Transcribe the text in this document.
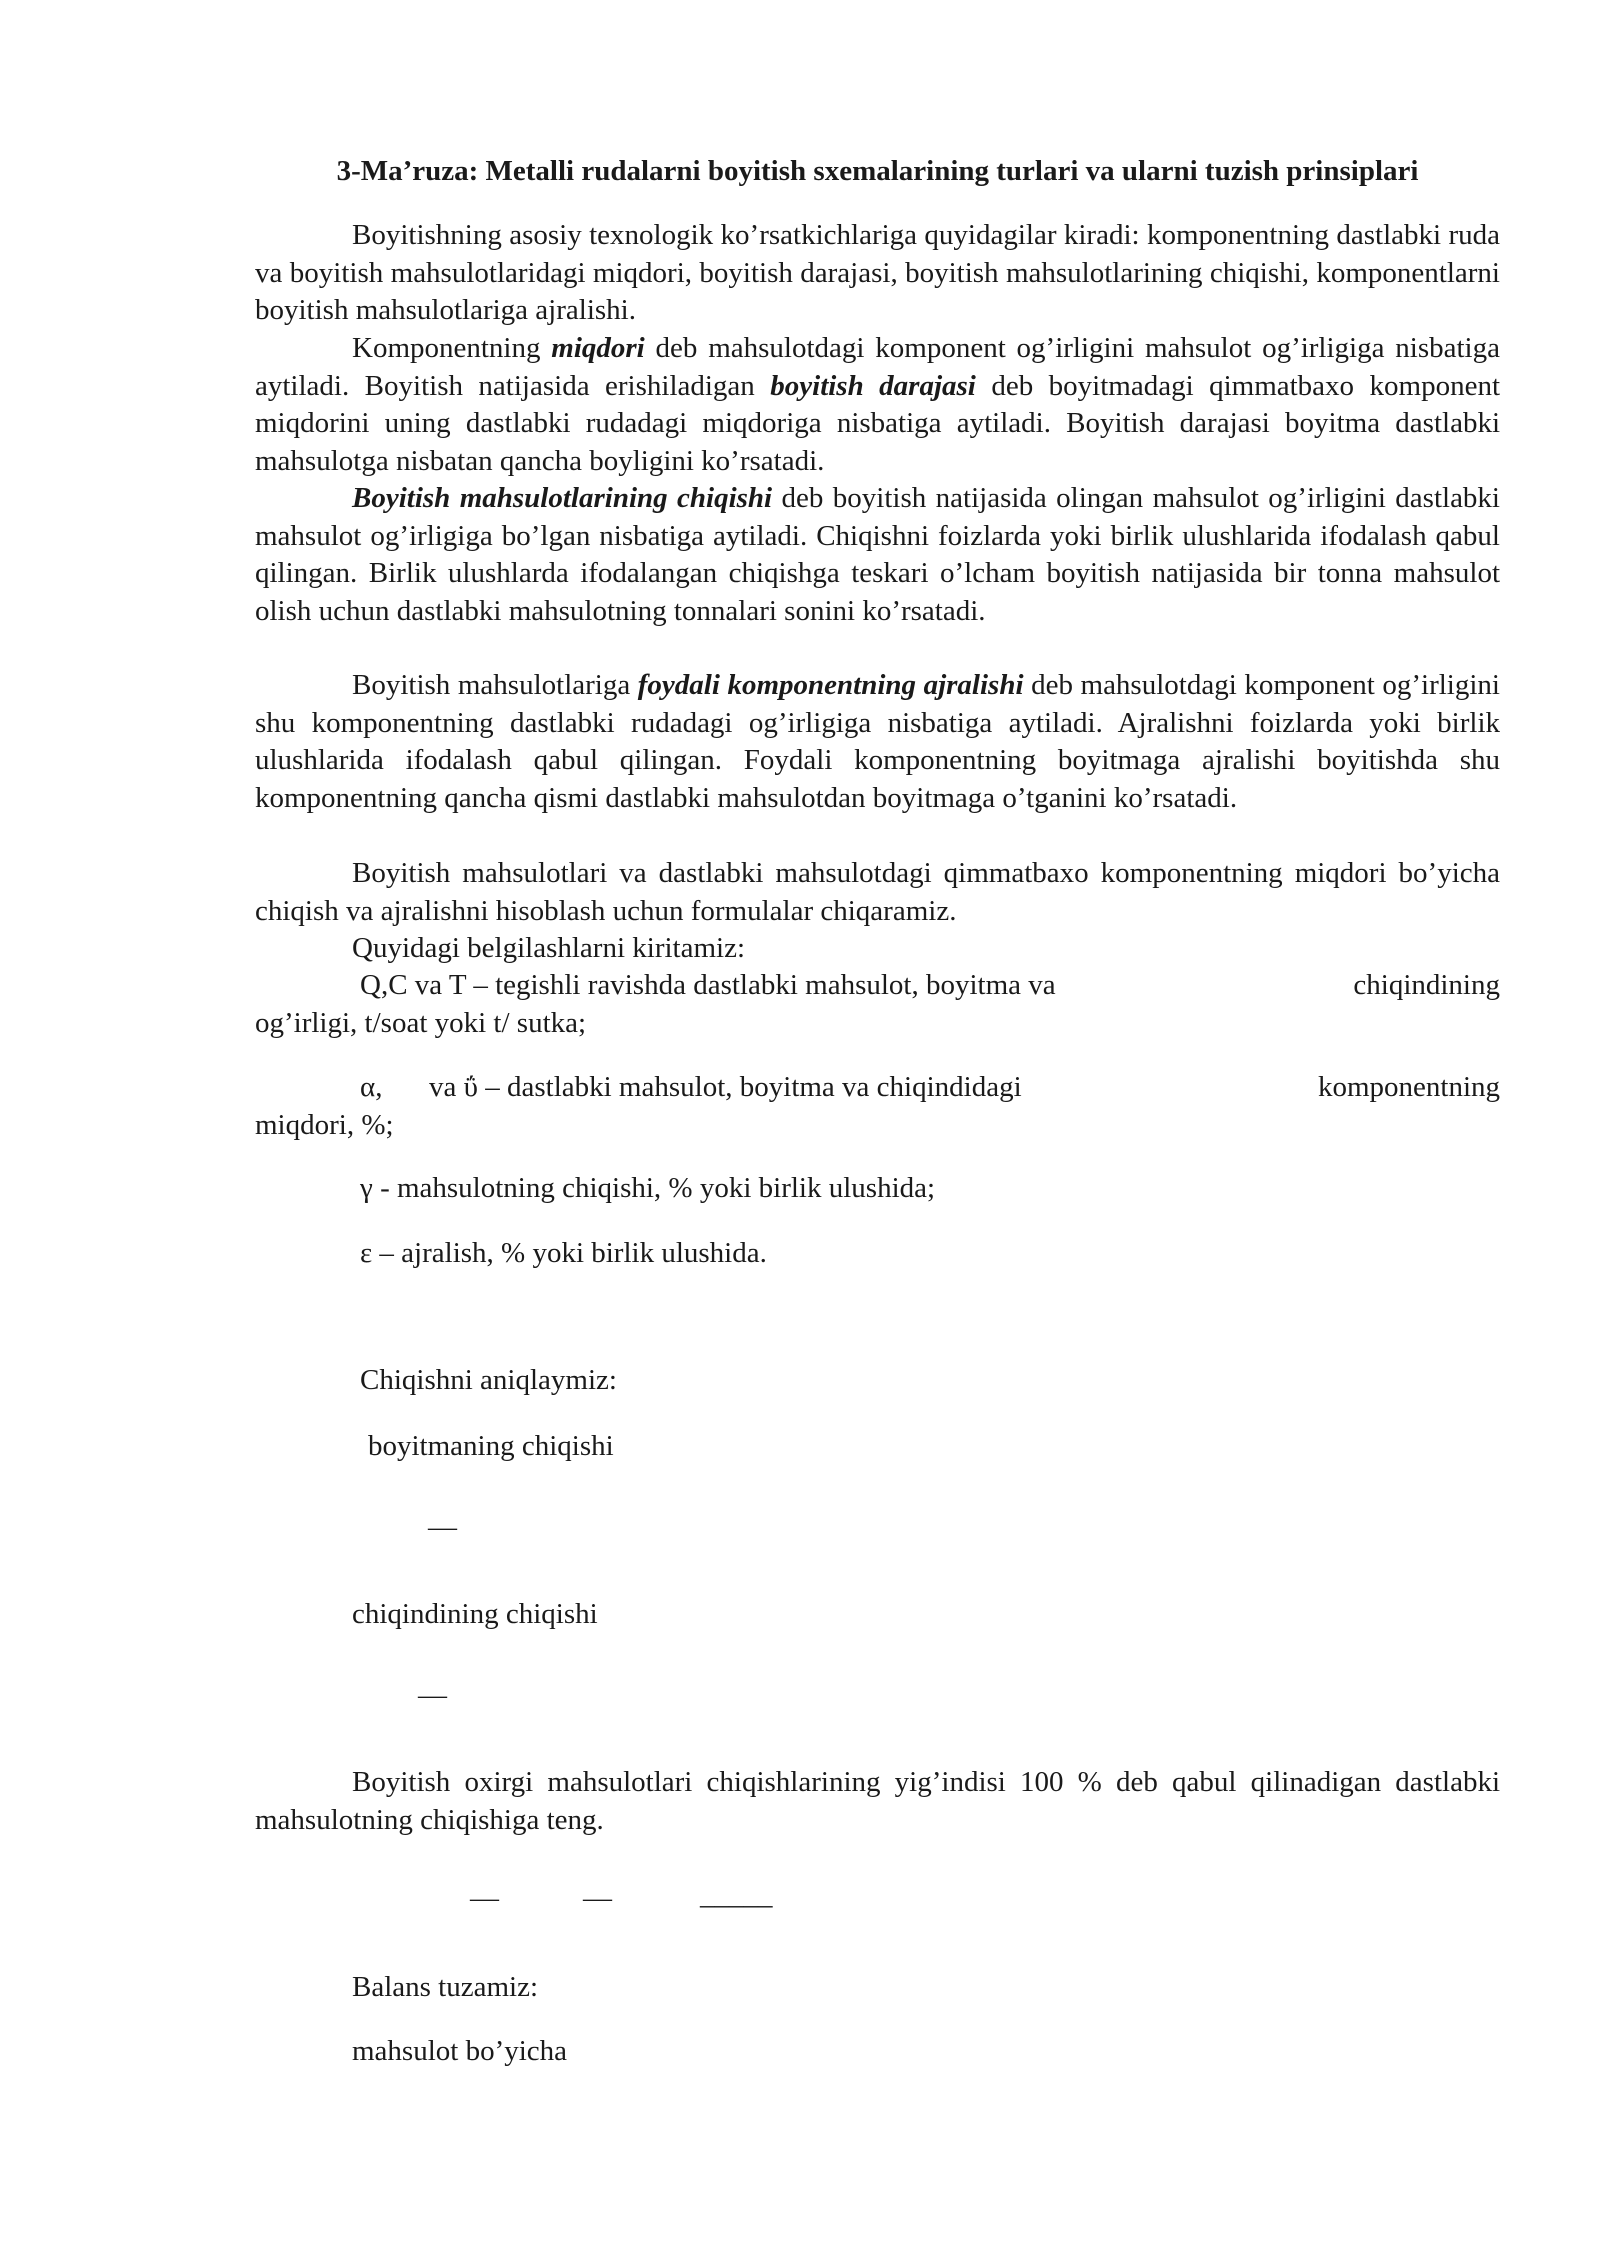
3-Ma’ruza: Metalli rudalarni boyitish sxemalarining turlari va ularni tuzish prinsiplari
Boyitishning asosiy texnologik ko’rsatkichlariga quyidagilar kiradi: komponentning dastlabki ruda va boyitish mahsulotlaridagi miqdori, boyitish darajasi, boyitish mahsulotlarining chiqishi, komponentlarni boyitish mahsulotlariga ajralishi.
Komponentning miqdori deb mahsulotdagi komponent og’irligini mahsulot og’irligiga nisbatiga aytiladi. Boyitish natijasida erishiladigan boyitish darajasi deb boyitmadagi qimmatbaxo komponent miqdorini uning dastlabki rudadagi miqdoriga nisbatiga aytiladi. Boyitish darajasi boyitma dastlabki mahsulotga nisbatan qancha boyligini ko’rsatadi.
Boyitish mahsulotlarining chiqishi deb boyitish natijasida olingan mahsulot og’irligini dastlabki mahsulot og’irligiga bo’lgan nisbatiga aytiladi. Chiqishni foizlarda yoki birlik ulushlarida ifodalash qabul qilingan. Birlik ulushlarda ifodalangan chiqishga teskari o’lcham boyitish natijasida bir tonna mahsulot olish uchun dastlabki mahsulotning tonnalari sonini ko’rsatadi.
Boyitish mahsulotlariga foydali komponentning ajralishi deb mahsulotdagi komponent og’irligini shu komponentning dastlabki rudadagi og’irligiga nisbatiga aytiladi. Ajralishni foizlarda yoki birlik ulushlarida ifodalash qabul qilingan. Foydali komponentning boyitmaga ajralishi boyitishda shu komponentning qancha qismi dastlabki mahsulotdan boyitmaga o’tganini ko’rsatadi.
Boyitish mahsulotlari va dastlabki mahsulotdagi qimmatbaxo komponentning miqdori bo’yicha chiqish va ajralishni hisoblash uchun formulalar chiqaramiz.
Quyidagi belgilashlarni kiritamiz:
Q,C va T – tegishli ravishda dastlabki mahsulot, boyitma va	chiqindining
og’irligi, t/soat yoki t/ sutka;
α, va ΰ – dastlabki mahsulot, boyitma va chiqindidagi	komponentning
miqdori, %;
γ - mahsulotning chiqishi, % yoki birlik ulushida;
ε – ajralish, % yoki birlik ulushida.
Chiqishni aniqlaymiz:
boyitmaning chiqishi
—
chiqindining chiqishi
—
Boyitish oxirgi mahsulotlari chiqishlarining yig’indisi 100 % deb qabul qilinadigan dastlabki mahsulotning chiqishiga teng.
—	—	_____
Balans tuzamiz:
mahsulot bo’yicha
